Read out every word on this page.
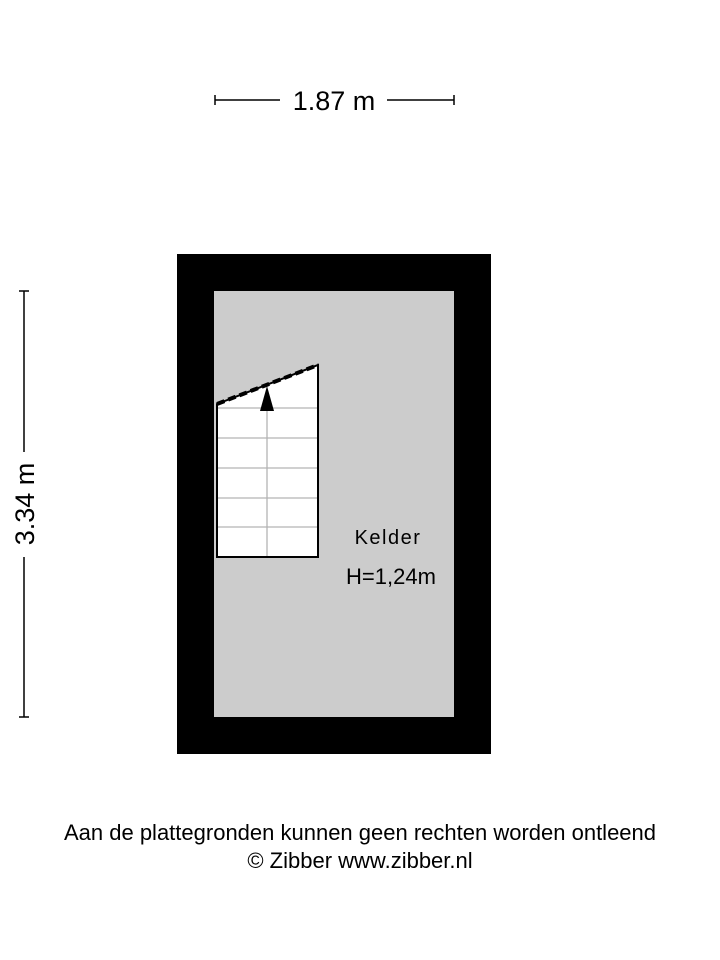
1.87 m
3.34 m	Kelder
H=1,24m
Aan de plattegronden kunnen geen rechten worden ontleend
© Zibber www.zibber.nl
